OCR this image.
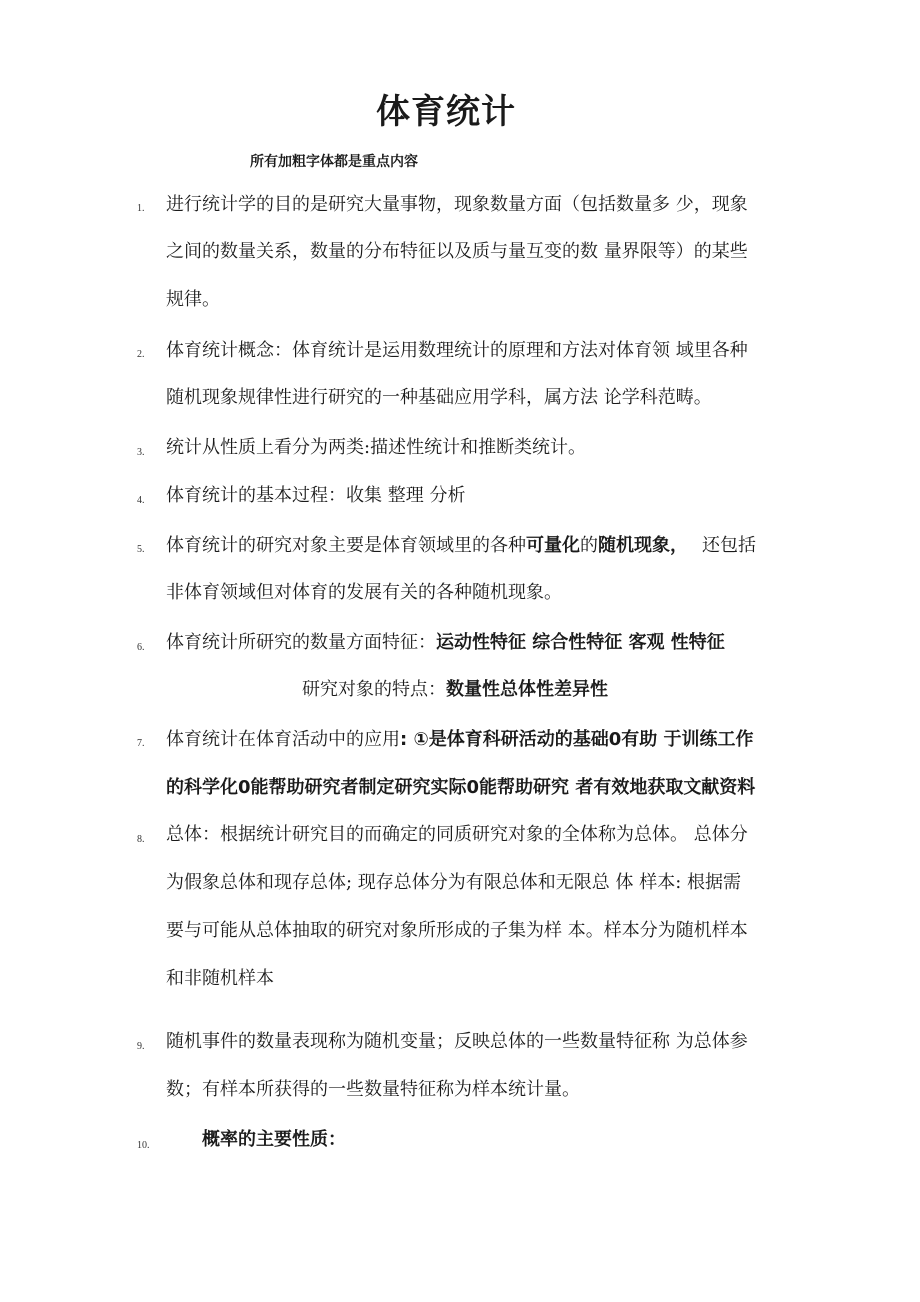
体育统计
所有加粗字体都是重点内容
1. 进行统计学的目的是研究大量事物，现象数量方面（包括数量多 少，现象
之间的数量关系，数量的分布特征以及质与量互变的数 量界限等）的某些
规律。
2. 体育统计概念：体育统计是运用数理统计的原理和方法对体育领 域里各种
随机现象规律性进行研究的一种基础应用学科，属方法 论学科范畴。
3. 统计从性质上看分为两类:描述性统计和推断类统计。
4. 体育统计的基本过程：收集 整理 分析
5. 体育统计的研究对象主要是体育领域里的各种可量化的随机现象， 还包括
非体育领域但对体育的发展有关的各种随机现象。
6. 体育统计所研究的数量方面特征：运动性特征 综合性特征 客观 性特征
研究对象的特点：数量性总体性差异性
7. 体育统计在体育活动中的应用: ①是体育科研活动的基础0有助 于训练工作
的科学化0能帮助研究者制定研究实际0能帮助研究 者有效地获取文献资料
8. 总体：根据统计研究目的而确定的同质研究对象的全体称为总体。 总体分
为假象总体和现存总体; 现存总体分为有限总体和无限总 体 样本: 根据需
要与可能从总体抽取的研究对象所形成的子集为样 本。样本分为随机样本
和非随机样本
9. 随机事件的数量表现称为随机变量；反映总体的一些数量特征称 为总体参
数；有样本所获得的一些数量特征称为样本统计量。
10.	概率的主要性质：
